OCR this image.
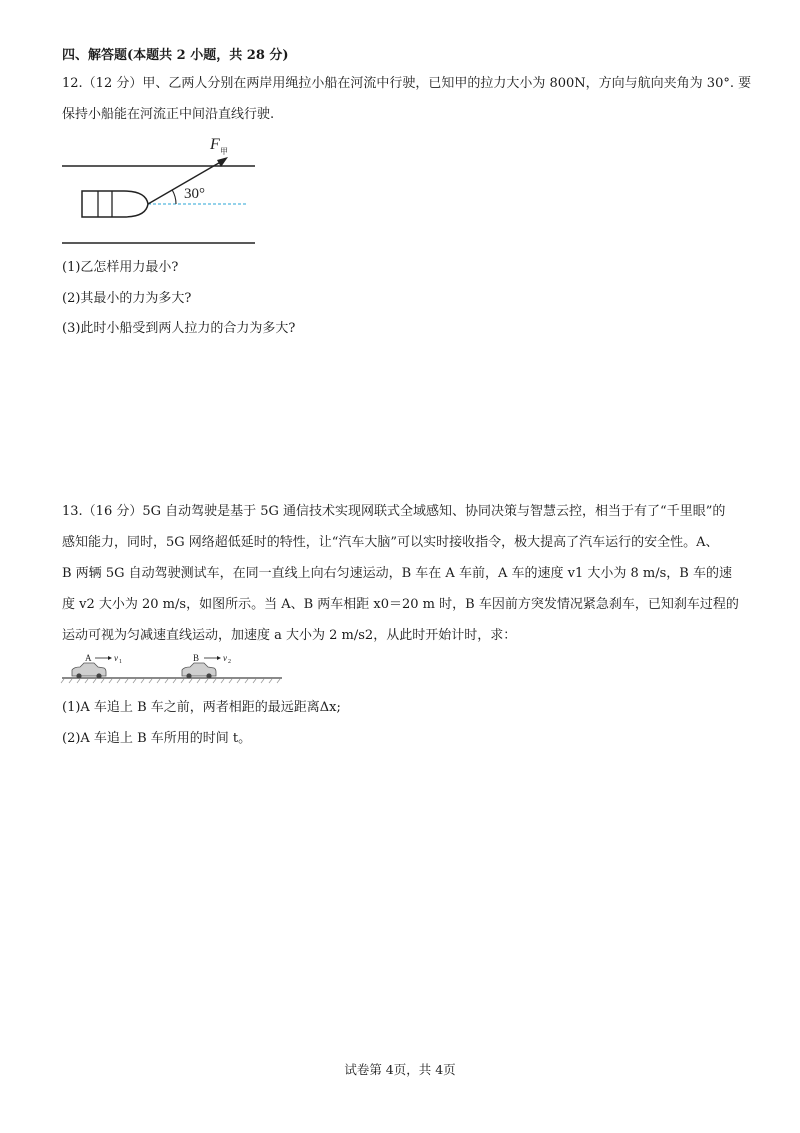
四、解答题(本题共 2 小题，共 28 分)
12.（12 分）甲、乙两人分别在两岸用绳拉小船在河流中行驶，已知甲的拉力大小为 800N，方向与航向夹角为 30°. 要
保持小船能在河流正中间沿直线行驶.
F 甲
30°
(1)乙怎样用力最小?
(2)其最小的力为多大?
(3)此时小船受到两人拉力的合力为多大?
13.（16 分）5G 自动驾驶是基于 5G 通信技术实现网联式全域感知、协同决策与智慧云控，相当于有了“千里眼”的
感知能力，同时，5G 网络超低延时的特性，让“汽车大脑”可以实时接收指令，极大提高了汽车运行的安全性。A、
B 两辆 5G 自动驾驶测试车，在同一直线上向右匀速运动，B 车在 A 车前，A 车的速度 v1 大小为 8 m/s，B 车的速
度 v2 大小为 20 m/s，如图所示。当 A、B 两车相距 x0＝20 m 时，B 车因前方突发情况紧急刹车，已知刹车过程的
运动可视为匀减速直线运动，加速度 a 大小为 2 m/s2，从此时开始计时，求：
A	v 1	B	v 2
(1)A 车追上 B 车之前，两者相距的最远距离Δx;
(2)A 车追上 B 车所用的时间 t。
试卷第 4页，共 4页
